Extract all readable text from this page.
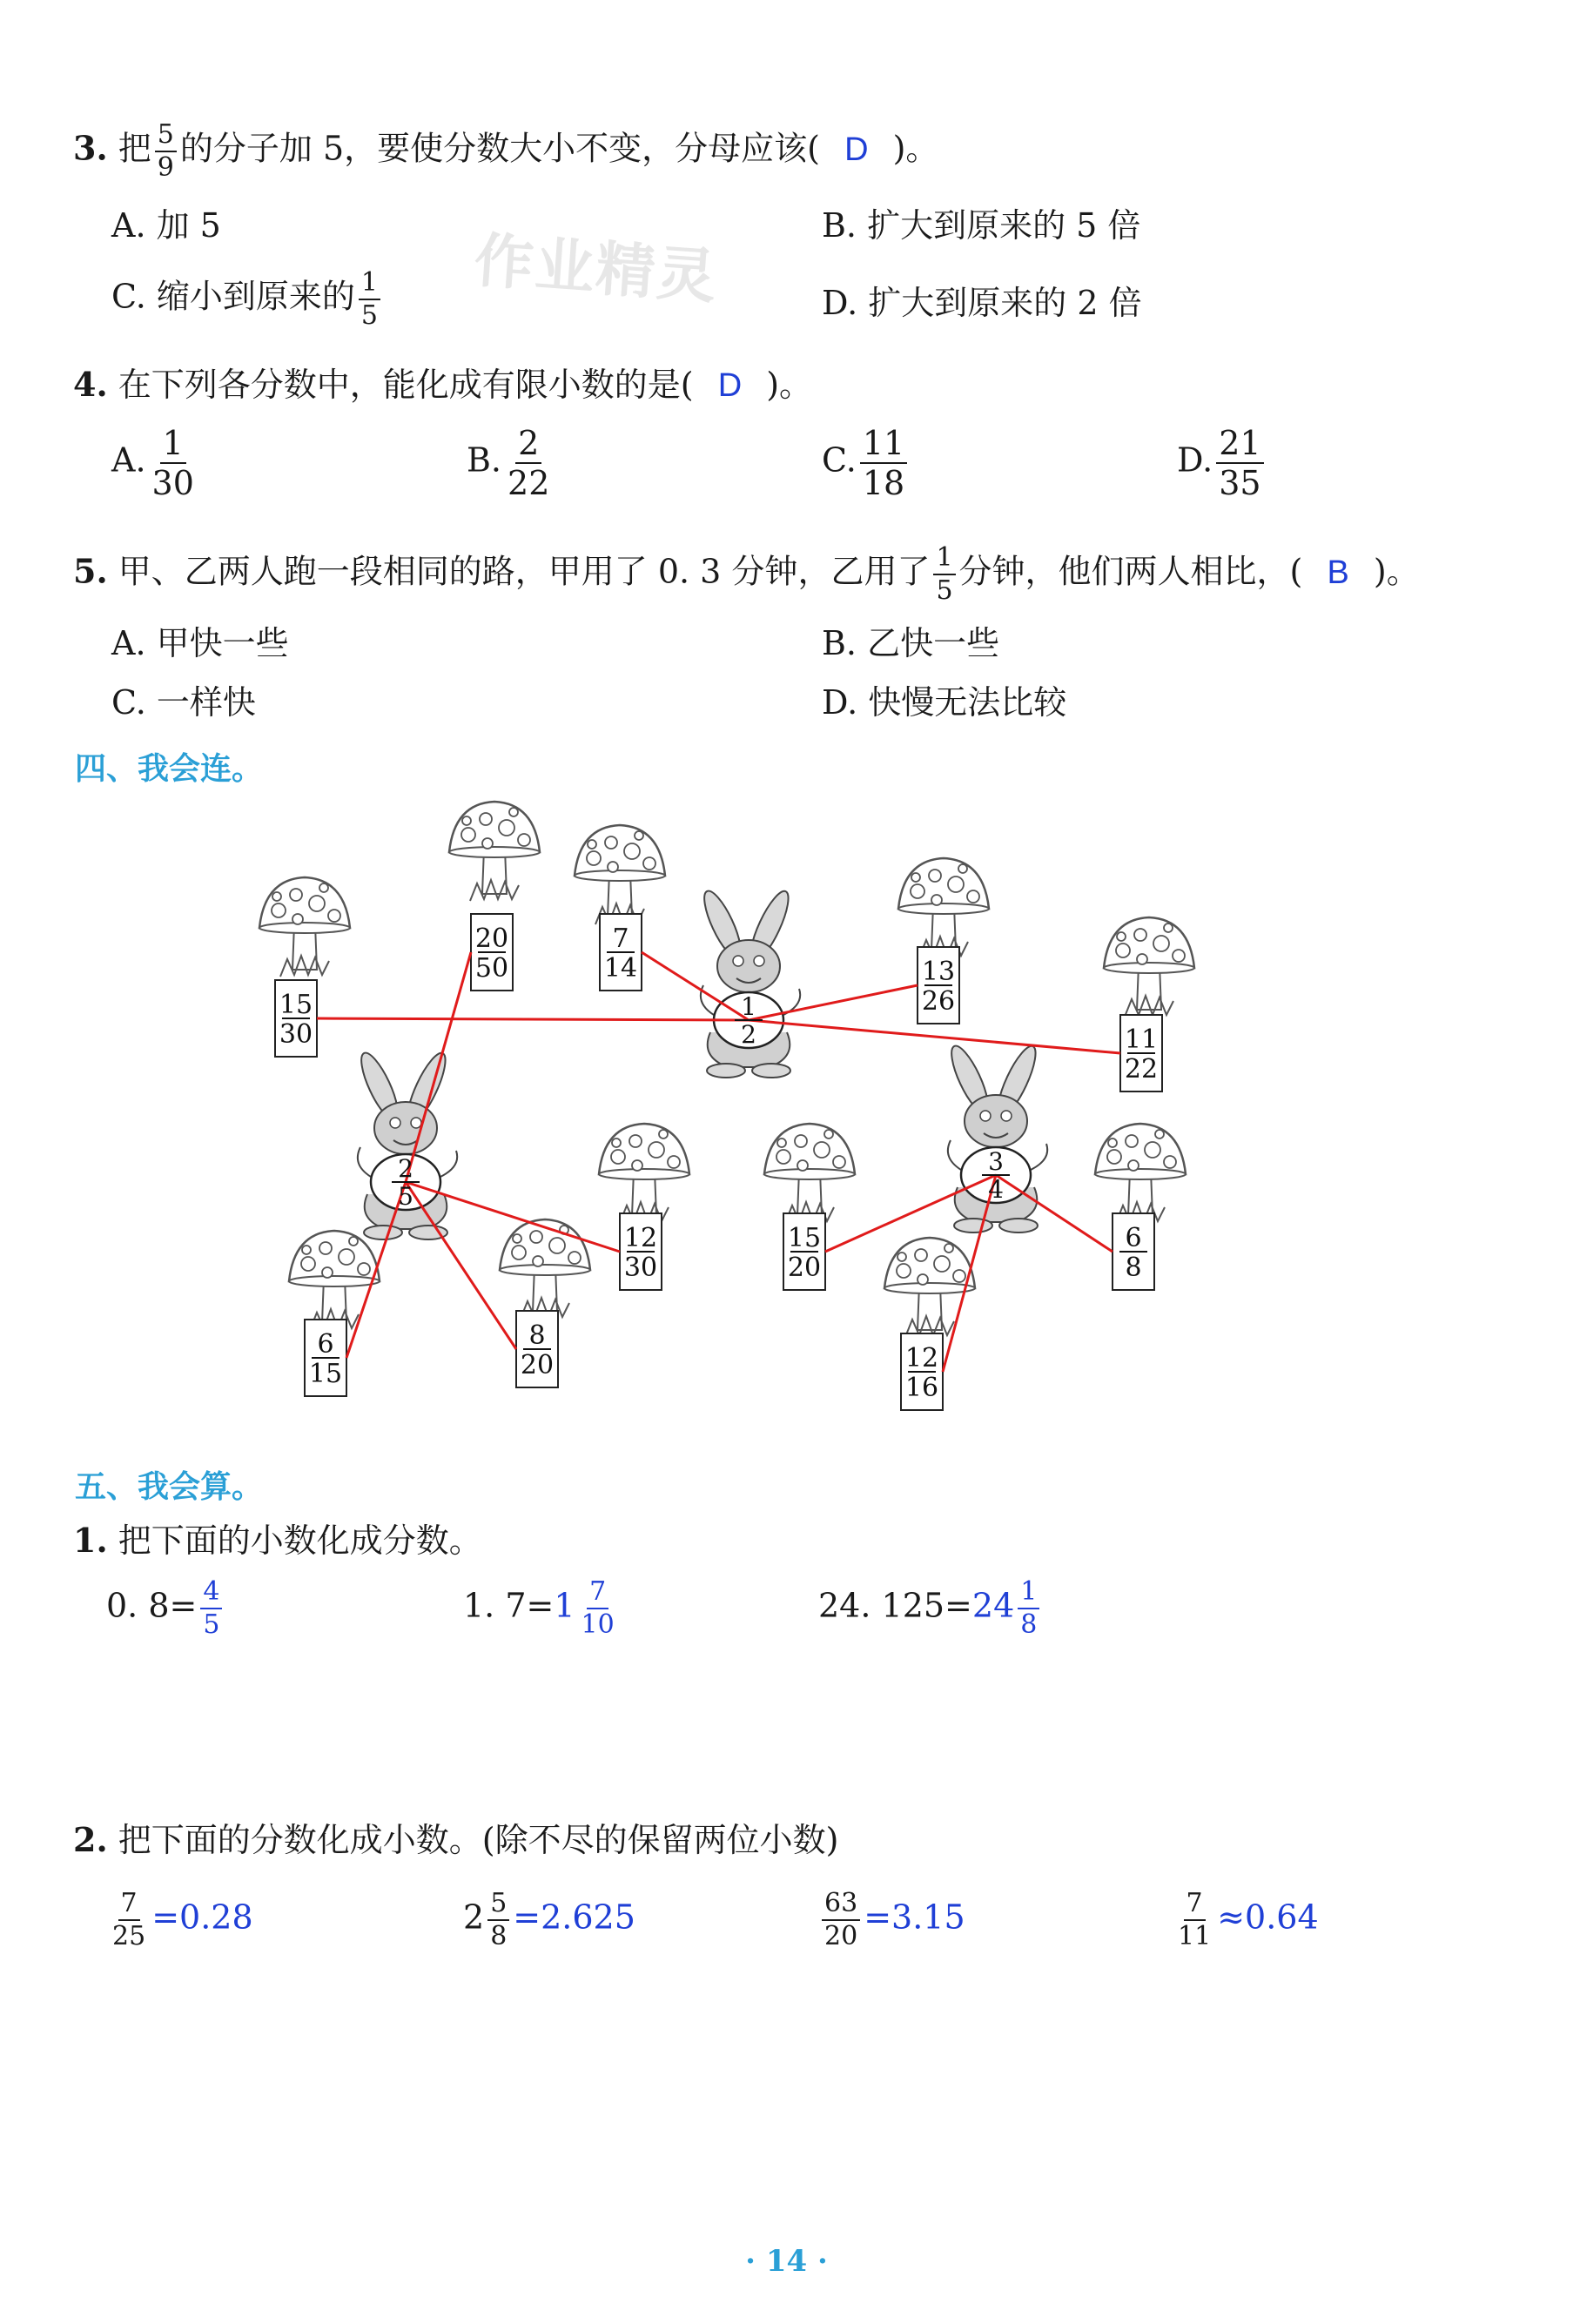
作业精灵
3. 把 $\frac{5}{9}$ 的分子加 5，要使分数大小不变，分母应该( D )。
A. 加 5	B. 扩大到原来的 5 倍
C. 缩小到原来的 $\frac{1}{5}$	D. 扩大到原来的 2 倍
4. 在下列各分数中，能化成有限小数的是( D )。
A. $\frac{1}{30}$	B. $\frac{2}{22}$	C. $\frac{11}{18}$	D. $\frac{21}{35}$
5. 甲、乙两人跑一段相同的路，甲用了 0. 3 分钟，乙用了 $\frac{1}{5}$ 分钟，他们两人相比，( B )。
A. 甲快一些	B. 乙快一些
C. 一样快	D. 快慢无法比较
四、我会连。
1
2
2
5
3
4
15
30
20
50
7
14	13
26
11
22
12
30
15
20
6
8
6
15
8
20	12
16
五、我会算。
1. 把下面的小数化成分数。
0. $8= \frac{4}{5}$	1. $7=1 \frac{7}{10}$	24. $125=24 \frac{1}{8}$
2. 把下面的分数化成小数。(除不尽的保留两位小数)
$\frac{7}{25} =0.28$	$2 \frac{5}{8} =2.625$	$\frac{63}{20} =3.15$	$\frac{7}{11} \approx 0.64$
· 14 ·
